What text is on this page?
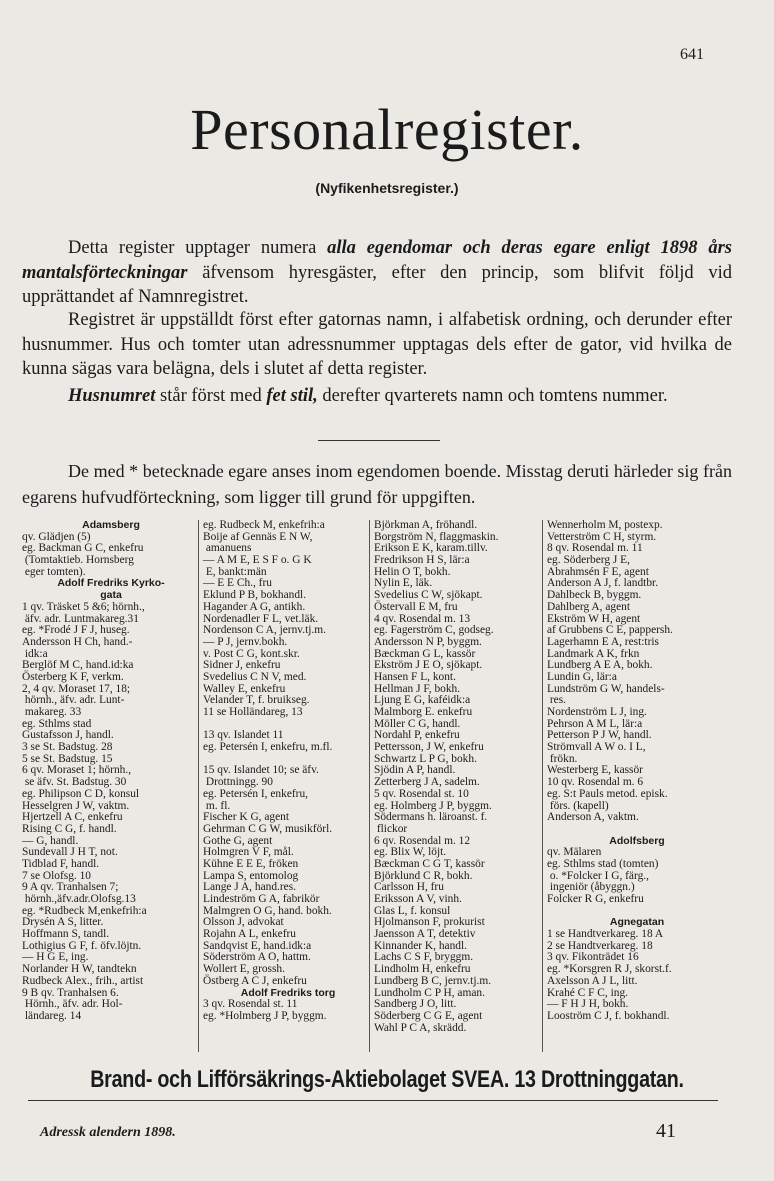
641
Personalregister.
(Nyfikenhetsregister.)
Detta register upptager numera alla egendomar och deras egare enligt 1898 års mantalsförteckningar äfvensom hyresgäster, efter den princip, som blifvit följd vid upprättandet af Namnregistret.
Registret är uppställdt först efter gatornas namn, i alfabetisk ordning, och derunder efter husnummer. Hus och tomter utan adressnummer upptagas dels efter de gator, vid hvilka de kunna sägas vara belägna, dels i slutet af detta register.
Husnumret står först med fet stil, derefter qvarterets namn och tomtens nummer.
De med * betecknade egare anses inom egendomen boende. Misstag deruti härleder sig från egarens hufvudförteckning, som ligger till grund för uppgiften.
Adamsberg
qv. Glädjen (5)
eg. Backman G C, enkefru
(Tomtaktieb. Hornsberg
eger tomten).
Adolf Fredriks Kyrko-
gata
1 qv. Träsket 5 &6; hörnh.,
äfv. adr. Luntmakareg.31
eg. *Frodé J F J, huseg.
Andersson H Ch, hand.-
idk:a
Berglöf M C, hand.id:ka
Österberg K F, verkm.
2, 4 qv. Moraset 17, 18;
hörnh., äfv. adr. Lunt-
makareg. 33
eg. Sthlms stad
Gustafsson J, handl.
3 se St. Badstug. 28
5 se St. Badstug. 15
6 qv. Moraset 1; hörnh.,
se äfv. St. Badstug. 30
eg. Philipson C D, konsul
Hesselgren J W, vaktm.
Hjertzell A C, enkefru
Rising C G, f. handl.
— G, handl.
Sundevall J H T, not.
Tidblad F, handl.
7 se Olofsg. 10
9 A qv. Tranhalsen 7;
hörnh.,äfv.adr.Olofsg.13
eg. *Rudbeck M,enkefrih:a
Drysén A S, litter.
Hoffmann S, tandl.
Lothigius G F, f. öfv.löjtn.
— H G E, ing.
Norlander H W, tandtekn
Rudbeck Alex., frih., artist
9 B qv. Tranhalsen 6.
Hörnh., äfv. adr. Hol-
ländareg. 14
eg. Rudbeck M, enkefrih:a
Boije af Gennäs E N W,
amanuens
— A M E, E S F o. G K
E, bankt:män
— E E Ch., fru
Eklund P B, bokhandl.
Hagander A G, antikh.
Nordenadler F L, vet.läk.
Nordenson C A, jernv.tj.m.
— P J, jernv.bokh.
v. Post C G, kont.skr.
Sidner J, enkefru
Svedelius C N V, med.
Walley E, enkefru
Velander T, f. bruikseg.
11 se Holländareg, 13
13 qv. Islandet 11
eg. Petersén I, enkefru, m.fl.
15 qv. Islandet 10; se äfv.
Drottningg. 90
eg. Petersén I, enkefru,
m. fl.
Fischer K G, agent
Gehrman C G W, musikförl.
Gothe G, agent
Holmgren V F, mål.
Kühne E E E, fröken
Lampa S, entomolog
Lange J A, hand.res.
Lindeström G A, fabrikör
Malmgren O G, hand. bokh.
Olsson J, advokat
Rojahn A L, enkefru
Sandqvist E, hand.idk:a
Söderström A O, hattm.
Wollert E, grossh.
Östberg A C J, enkefru
Adolf Fredriks torg
3 qv. Rosendal st. 11
eg. *Holmberg J P, byggm.
Björkman A, fröhandl.
Borgström N, flaggmaskin.
Erikson E K, karam.tillv.
Fredrikson H S, lär:a
Helin O T, bokh.
Nylin E, läk.
Svedelius C W, sjökapt.
Östervall E M, fru
4 qv. Rosendal m. 13
eg. Fagerström C, godseg.
Andersson N P, byggm.
Bæckman G L, kassör
Ekström J E O, sjökapt.
Hansen F L, kont.
Hellman J F, bokh.
Ljung E G, kaféidk:a
Malmborg E. enkefru
Möller C G, handl.
Nordahl P, enkefru
Pettersson, J W, enkefru
Schwartz L P G, bokh.
Sjödin A P, handl.
Zetterberg J A, sadelm.
5 qv. Rosendal st. 10
eg. Holmberg J P, byggm.
Södermans h. läroanst. f.
flickor
6 qv. Rosendal m. 12
eg. Blix W, löjt.
Bæckman C G T, kassör
Björklund C R, bokh.
Carlsson H, fru
Eriksson A V, vinh.
Glas L, f. konsul
Hjolmanson F, prokurist
Jaensson A T, detektiv
Kinnander K, handl.
Lachs C S F, bryggm.
Lindholm H, enkefru
Lundberg B C, jernv.tj.m.
Lundholm C P H, aman.
Sandberg J O, litt.
Söderberg C G E, agent
Wahl P C A, skrädd.
Wennerholm M, postexp.
Vetterström C H, styrm.
8 qv. Rosendal m. 11
eg. Söderberg J E,
Abrahmsén F E, agent
Anderson A J, f. landtbr.
Dahlbeck B, byggm.
Dahlberg A, agent
Ekström W H, agent
af Grubbens C E, pappersh.
Lagerhamn E A, rest:tris
Landmark A K, frkn
Lundberg A E A, bokh.
Lundin G, lär:a
Lundström G W, handels-
res.
Nordenström L J, ing.
Pehrson A M L, lär:a
Petterson P J W, handl.
Strömvall A W o. I L,
frökn.
Westerberg E, kassör
10 qv. Rosendal m. 6
eg. S:t Pauls metod. episk.
förs. (kapell)
Anderson A, vaktm.
Adolfsberg
qv. Mälaren
eg. Sthlms stad (tomten)
o. *Folcker I G, färg.,
ingeniör (åbyggn.)
Folcker R G, enkefru
Agnegatan
1 se Handtverkareg. 18 A
2 se Handtverkareg. 18
3 qv. Fikonträdet 16
eg. *Korsgren R J, skorst.f.
Axelsson A J L, litt.
Krahé C F C, ing.
— F H J H, bokh.
Looström C J, f. bokhandl.
Brand- och Lifförsäkrings-Aktiebolaget SVEA. 13 Drottninggatan.
Adressk alendern 1898.	41
